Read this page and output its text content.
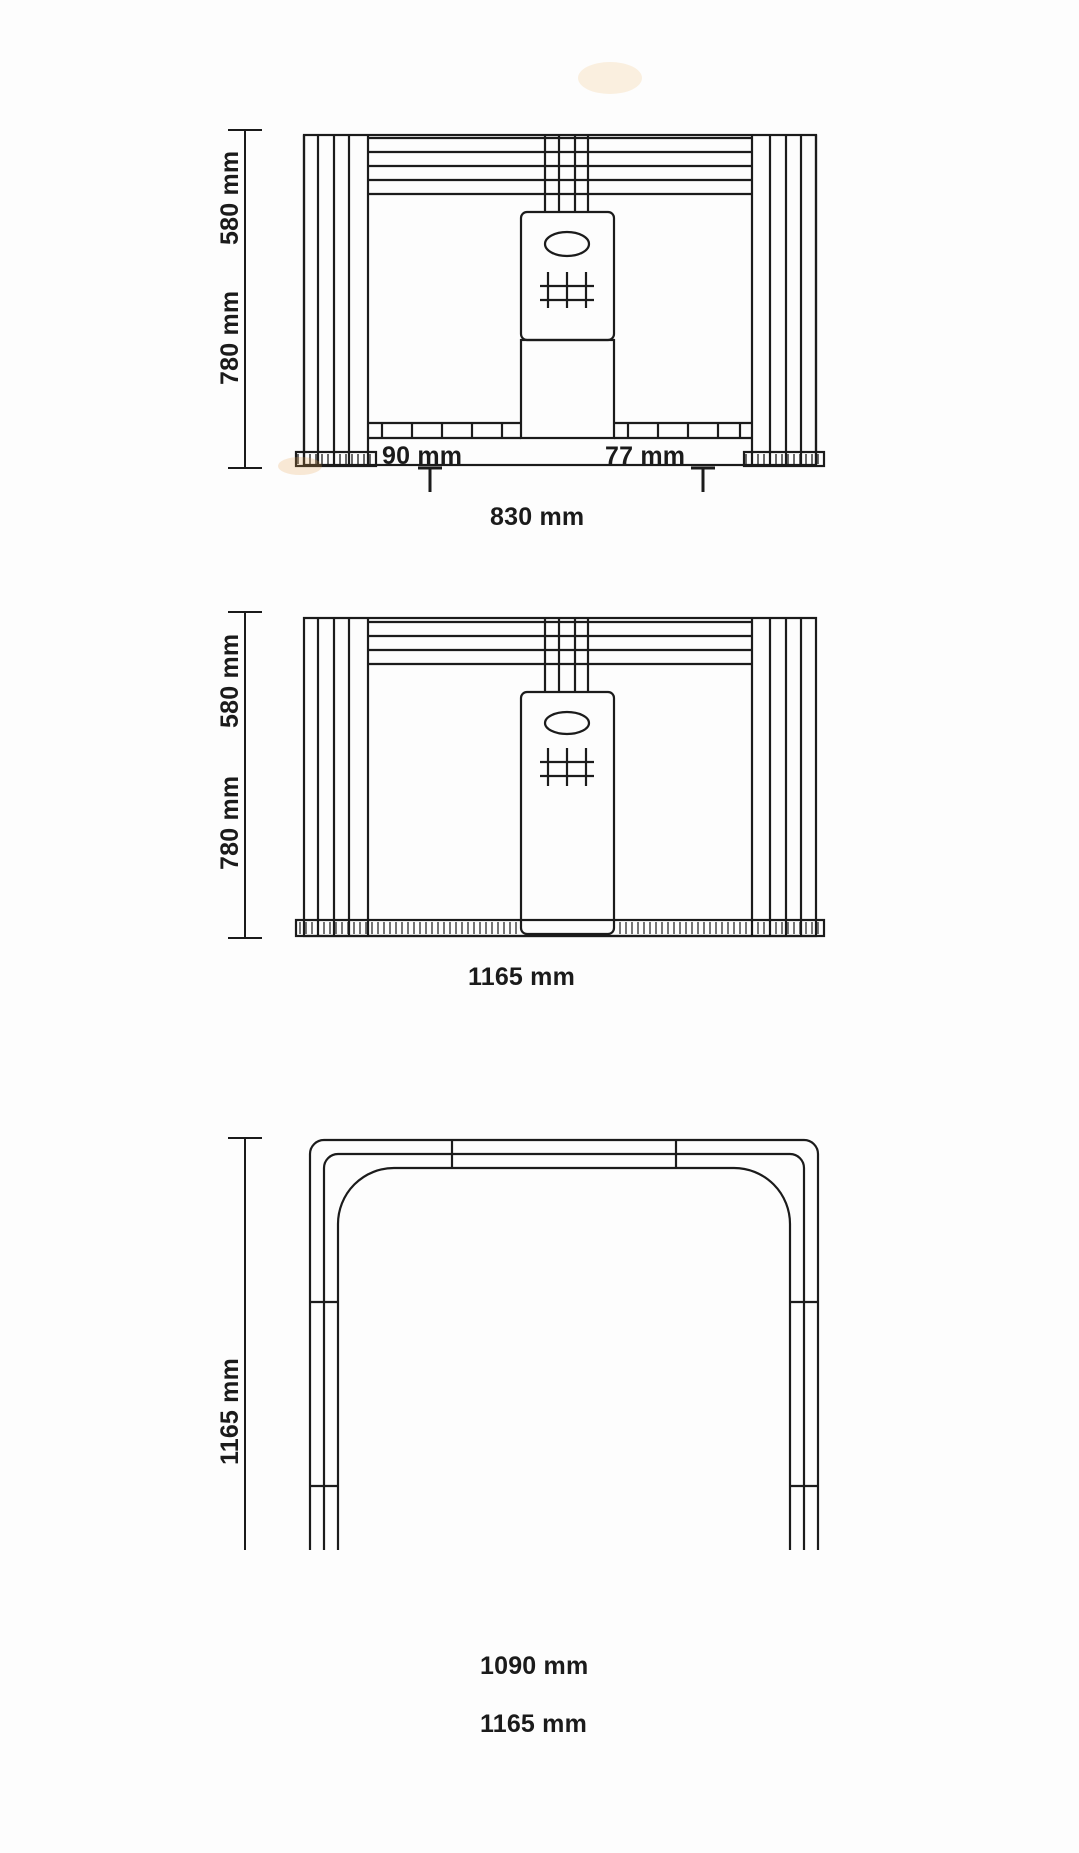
780 mm
580 mm
90 mm	77 mm
830 mm
780 mm
580 mm
1165 mm
1165 mm
1090 mm
1165 mm
